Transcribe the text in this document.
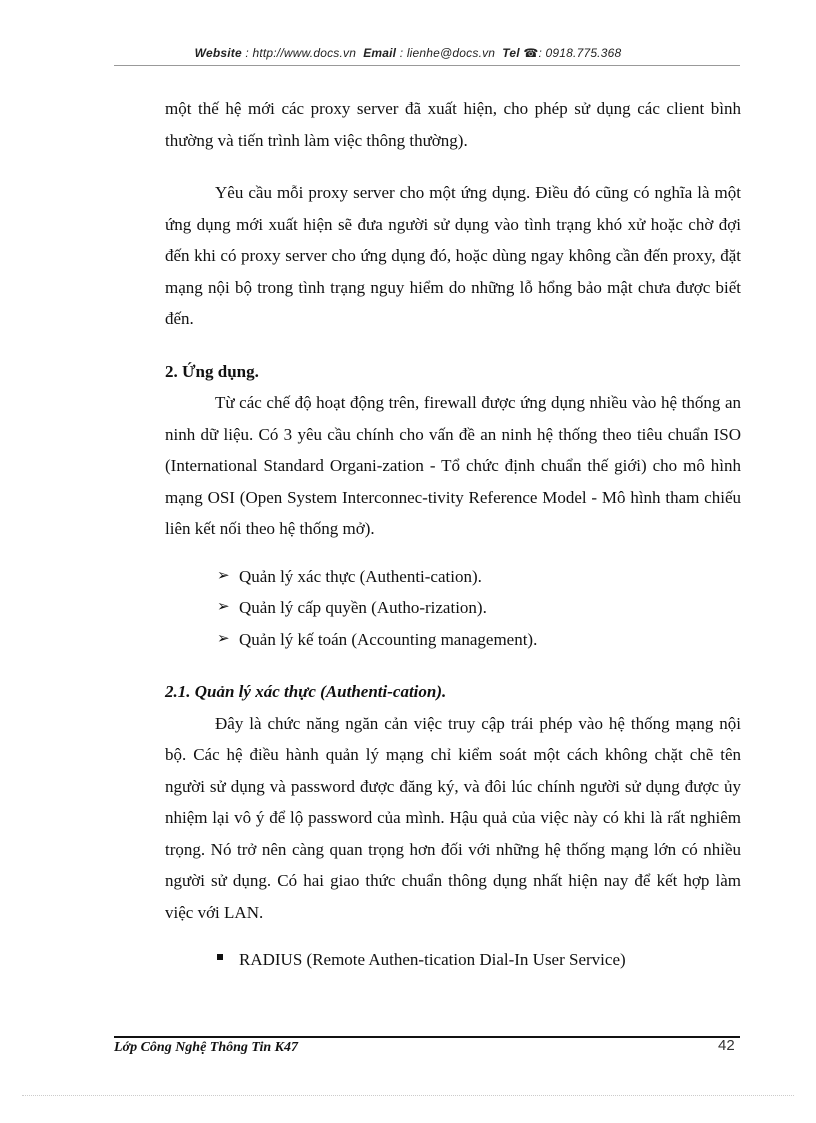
Website : http://www.docs.vn Email : lienhe@docs.vn Tel ☎: 0918.775.368

một thế hệ mới các proxy server đã xuất hiện, cho phép sử dụng các client bình thường và tiến trình làm việc thông thường).

Yêu cầu mỗi proxy server cho một ứng dụng. Điều đó cũng có nghĩa là một ứng dụng mới xuất hiện sẽ đưa người sử dụng vào tình trạng khó xử hoặc chờ đợi đến khi có proxy server cho ứng dụng đó, hoặc dùng ngay không cần đến proxy, đặt mạng nội bộ trong tình trạng nguy hiểm do những lỗ hổng bảo mật chưa được biết đến.

2. Ứng dụng.

Từ các chế độ hoạt động trên, firewall được ứng dụng nhiều vào hệ thống an ninh dữ liệu. Có 3 yêu cầu chính cho vấn đề an ninh hệ thống theo tiêu chuẩn ISO (International Standard Organi-zation - Tổ chức định chuẩn thế giới) cho mô hình mạng OSI (Open System Interconnec-tivity Reference Model - Mô hình tham chiếu liên kết nối theo hệ thống mở).

➢ Quản lý xác thực (Authenti-cation).
➢ Quản lý cấp quyền (Autho-rization).
➢ Quản lý kế toán (Accounting management).
2.1. Quản lý xác thực (Authenti-cation).

Đây là chức năng ngăn cản việc truy cập trái phép vào hệ thống mạng nội bộ. Các hệ điều hành quản lý mạng chỉ kiểm soát một cách không chặt chẽ tên người sử dụng và password được đăng ký, và đôi lúc chính người sử dụng được ủy nhiệm lại vô ý để lộ password của mình. Hậu quả của việc này có khi là rất nghiêm trọng. Nó trở nên càng quan trọng hơn đối với những hệ thống mạng lớn có nhiều người sử dụng. Có hai giao thức chuẩn thông dụng nhất hiện nay để kết hợp làm việc với LAN.

RADIUS (Remote Authen-tication Dial-In User Service)
Lớp Công Nghệ Thông Tin K47	42
